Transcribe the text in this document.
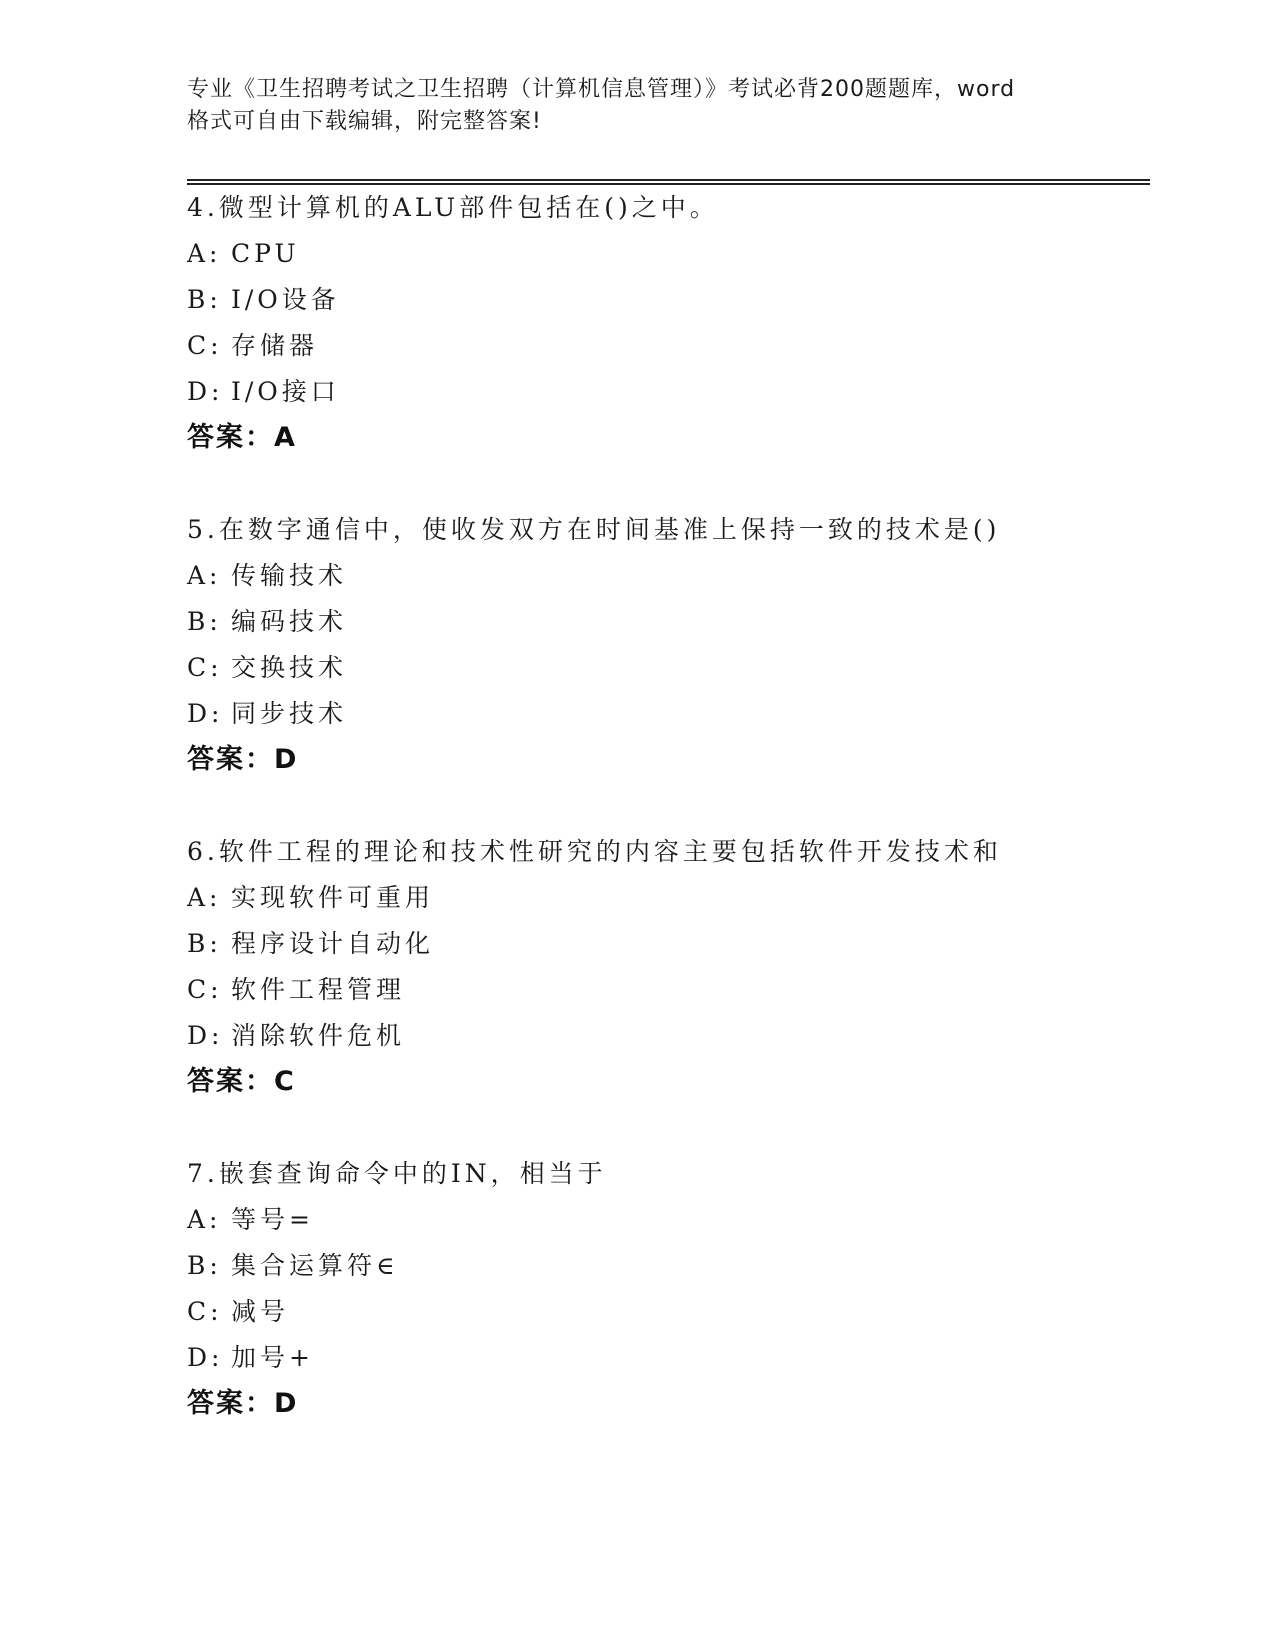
专业《卫生招聘考试之卫生招聘（计算机信息管理）》考试必背200题题库，word
格式可自由下载编辑，附完整答案!
4.微型计算机的ALU部件包括在()之中。
A: CPU
B: I/O设备
C: 存储器
D: I/O接口
答案：A
5.在数字通信中，使收发双方在时间基准上保持一致的技术是()
A: 传输技术
B: 编码技术
C: 交换技术
D: 同步技术
答案：D
6.软件工程的理论和技术性研究的内容主要包括软件开发技术和
A: 实现软件可重用
B: 程序设计自动化
C: 软件工程管理
D: 消除软件危机
答案：C
7.嵌套查询命令中的IN，相当于
A: 等号=
B: 集合运算符∈
C: 减号
D: 加号+
答案：D
